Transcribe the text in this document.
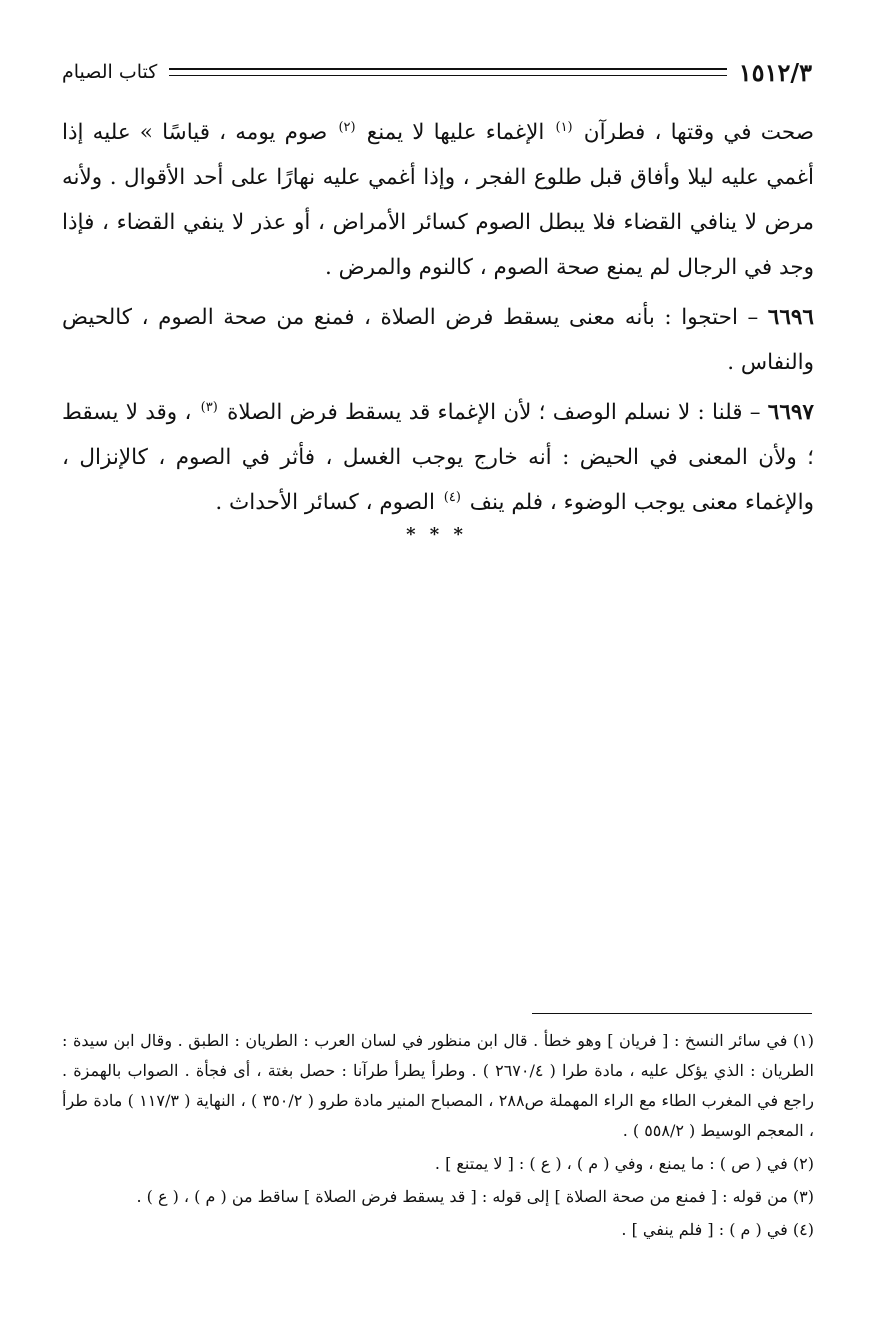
١٥١٢/٣
كتاب الصيام

صحت في وقتها ، فطرآن $^{(١)}$ الإغماء عليها لا يمنع $^{(٢)}$ صوم يومه ، قياسًا » عليه إذا أغمي عليه ليلا وأفاق قبل طلوع الفجر ، وإذا أغمي عليه نهارًا على أحد الأقوال . ولأنه مرض لا ينافي القضاء فلا يبطل الصوم كسائر الأمراض ، أو عذر لا ينفي القضاء ، فإذا وجد في الرجال لم يمنع صحة الصوم ، كالنوم والمرض .

٦٦٩٦ – احتجوا : بأنه معنى يسقط فرض الصلاة ، فمنع من صحة الصوم ، كالحيض والنفاس .

٦٦٩٧ – قلنا : لا نسلم الوصف ؛ لأن الإغماء قد يسقط فرض الصلاة $^{(٣)}$ ، وقد لا يسقط ؛ ولأن المعنى في الحيض : أنه خارج يوجب الغسل ، فأثر في الصوم ، كالإنزال ، والإغماء معنى يوجب الوضوء ، فلم ينف $^{(٤)}$ الصوم ، كسائر الأحداث .

* * *

(١) في سائر النسخ : [ فريان ] وهو خطأ . قال ابن منظور في لسان العرب : الطريان : الطبق . وقال ابن سيدة : الطريان : الذي يؤكل عليه ، مادة طرا ( ٢٦٧٠/٤ ) . وطرأ يطرأ طرآنا : حصل بغتة ، أى فجأة . الصواب بالهمزة . راجع في المغرب الطاء مع الراء المهملة ص٢٨٨ ، المصباح المنير مادة طرو ( ٣٥٠/٢ ) ، النهاية ( ١١٧/٣ ) مادة طرأ ، المعجم الوسيط ( ٥٥٨/٢ ) .

(٢) في ( ص ) : ما يمنع ، وفي ( م ) ، ( ع ) : [ لا يمتنع ] .

(٣) من قوله : [ فمنع من صحة الصلاة ] إلى قوله : [ قد يسقط فرض الصلاة ] ساقط من ( م ) ، ( ع ) .

(٤) في ( م ) : [ فلم ينفي ] .
